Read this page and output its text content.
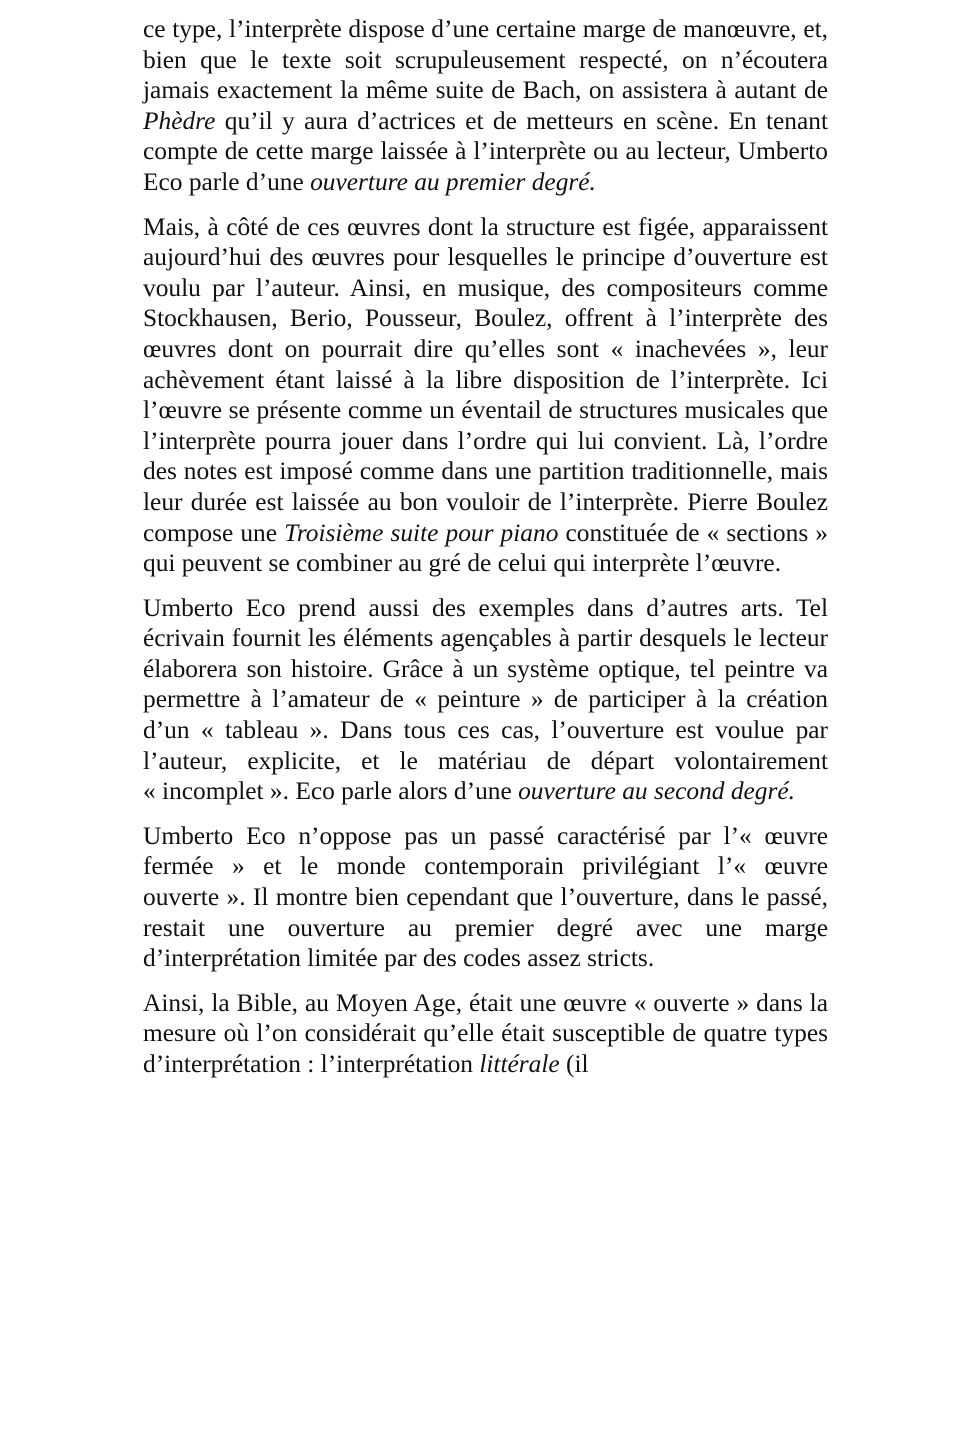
ce type, l’interprète dispose d’une certaine marge de manœuvre, et, bien que le texte soit scrupuleusement respecté, on n’écoutera jamais exactement la même suite de Bach, on assistera à autant de Phèdre qu’il y aura d’actrices et de metteurs en scène. En tenant compte de cette marge laissée à l’interprète ou au lecteur, Umberto Eco parle d’une ouverture au premier degré.

Mais, à côté de ces œuvres dont la structure est figée, apparaissent aujourd’hui des œuvres pour lesquelles le principe d’ouverture est voulu par l’auteur. Ainsi, en musique, des compositeurs comme Stockhausen, Berio, Pousseur, Boulez, offrent à l’interprète des œuvres dont on pourrait dire qu’elles sont « inachevées », leur achèvement étant laissé à la libre disposition de l’interprète. Ici l’œuvre se présente comme un éventail de structures musicales que l’interprète pourra jouer dans l’ordre qui lui convient. Là, l’ordre des notes est imposé comme dans une partition traditionnelle, mais leur durée est laissée au bon vouloir de l’interprète. Pierre Boulez compose une Troisième suite pour piano constituée de « sections » qui peuvent se combiner au gré de celui qui interprète l’œuvre.

Umberto Eco prend aussi des exemples dans d’autres arts. Tel écrivain fournit les éléments agençables à partir desquels le lecteur élaborera son histoire. Grâce à un système optique, tel peintre va permettre à l’amateur de « peinture » de participer à la création d’un « tableau ». Dans tous ces cas, l’ouverture est voulue par l’auteur, explicite, et le matériau de départ volontairement « incomplet ». Eco parle alors d’une ouverture au second degré.

Umberto Eco n’oppose pas un passé caractérisé par l’« œuvre fermée » et le monde contemporain privilégiant l’« œuvre ouverte ». Il montre bien cependant que l’ouverture, dans le passé, restait une ouverture au premier degré avec une marge d’interprétation limitée par des codes assez stricts.

Ainsi, la Bible, au Moyen Age, était une œuvre « ouverte » dans la mesure où l’on considérait qu’elle était susceptible de quatre types d’interprétation : l’interprétation littérale (il
